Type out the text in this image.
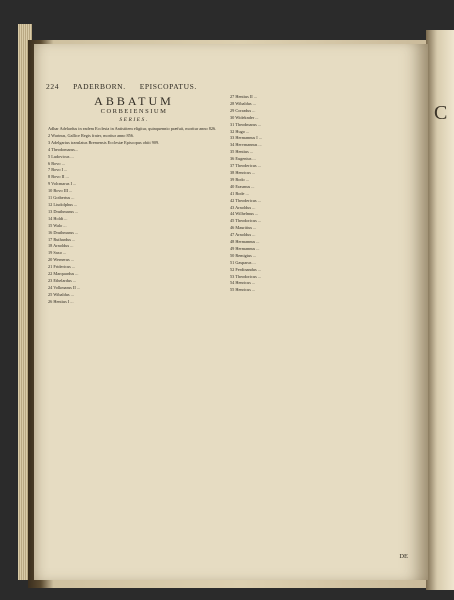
C
224 PADERBORN. EPISCOPATUS.
ABBATUM
CORBEIENSIUM
SERIES.

Adhar Adelardus in eadem Ecclesia in Antistitem eligitur, quinquennio præfuit, moritur anno 826.

2 Warinus, Gallice Regis frater, moritur anno 856.

3 Adelgarius translatus Bremensis Ecclesiæ Episcopus obiit 909.

4 Theodomarus...

5 Ludovicus ...

6 Bovo ...

7 Bovo I ...

8 Bovo II ...

9 Volcmarus I ...

10 Bovo III ...

11 Gotbertus ...

12 Liudolphus ...

13 Druthmarus ...

14 Holdt ...

15 Walo ...

16 Druthmarus ...

17 Ruthardus ...

18 Arnoldus ...

19 Saxo ...

20 Wernerus ...

21 Fridericus ...

22 Marquardus ...

23 Ethelardus ...

24 Volkmarus II ...

25 Wibaldus ...

26 Hentius I ...

27 Hentius II ...

28 Wibaldus ...

29 Corradus ...

30 Wideknder ...

31 Theodmarus ...

32 Hugo ...

33 Hermannus I ...

34 Hervmannus ...

35 Hentius ...

36 Eugenius ...

37 Theodericus ...

38 Henricus ...

39 Bodo ...

40 Erasmus ...

41 Bode ...

42 Theodericus ...

43 Arnoldus ...

44 Wilhelmus ...

45 Theodoricus ...

46 Mauritius ...

47 Arnoldus ...

48 Hermannus ...

49 Hermannus ...

50 Remigius ...

51 Gasparus ...

52 Ferdinandus ...

53 Theodoricus ...

54 Henricus ...

55 Henricus ...

DE
